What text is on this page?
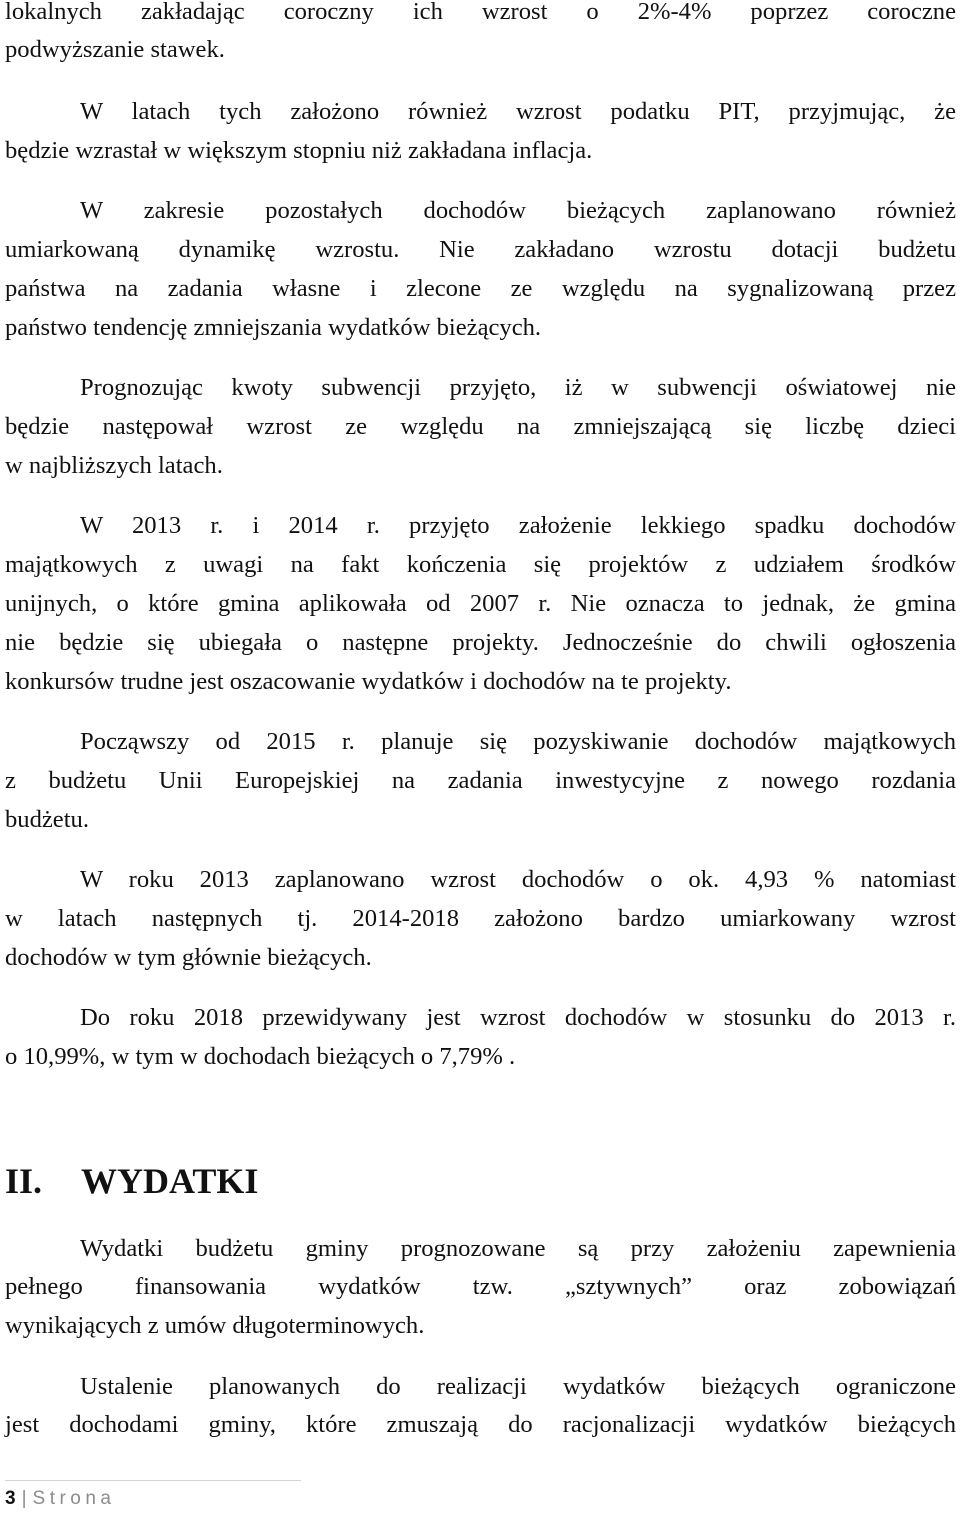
lokalnych zakładając coroczny ich wzrost o 2%-4% poprzez coroczne
podwyższanie stawek.
W latach tych założono również wzrost podatku PIT, przyjmując, że
będzie wzrastał w większym stopniu niż zakładana inflacja.
W zakresie pozostałych dochodów bieżących zaplanowano również
umiarkowaną dynamikę wzrostu. Nie zakładano wzrostu dotacji budżetu
państwa na zadania własne i zlecone ze względu na sygnalizowaną przez
państwo tendencję zmniejszania wydatków bieżących.
Prognozując kwoty subwencji przyjęto, iż w subwencji oświatowej nie
będzie następował wzrost ze względu na zmniejszającą się liczbę dzieci
w najbliższych latach.
W 2013 r. i 2014 r. przyjęto założenie lekkiego spadku dochodów
majątkowych z uwagi na fakt kończenia się projektów z udziałem środków
unijnych, o które gmina aplikowała od 2007 r. Nie oznacza to jednak, że gmina
nie będzie się ubiegała o następne projekty. Jednocześnie do chwili ogłoszenia
konkursów trudne jest oszacowanie wydatków i dochodów na te projekty.
Począwszy od 2015 r. planuje się pozyskiwanie dochodów majątkowych
z budżetu Unii Europejskiej na zadania inwestycyjne z nowego rozdania
budżetu.
W roku 2013 zaplanowano wzrost dochodów o ok. 4,93 % natomiast
w latach następnych tj. 2014-2018 założono bardzo umiarkowany wzrost
dochodów w tym głównie bieżących.
Do roku 2018 przewidywany jest wzrost dochodów w stosunku do 2013 r.
o 10,99%, w tym w dochodach bieżących o 7,79% .
II. WYDATKI
Wydatki budżetu gminy prognozowane są przy założeniu zapewnienia
pełnego finansowania wydatków tzw. „sztywnych” oraz zobowiązań
wynikających z umów długoterminowych.
Ustalenie planowanych do realizacji wydatków bieżących ograniczone
jest dochodami gminy, które zmuszają do racjonalizacji wydatków bieżących
3 | Strona
